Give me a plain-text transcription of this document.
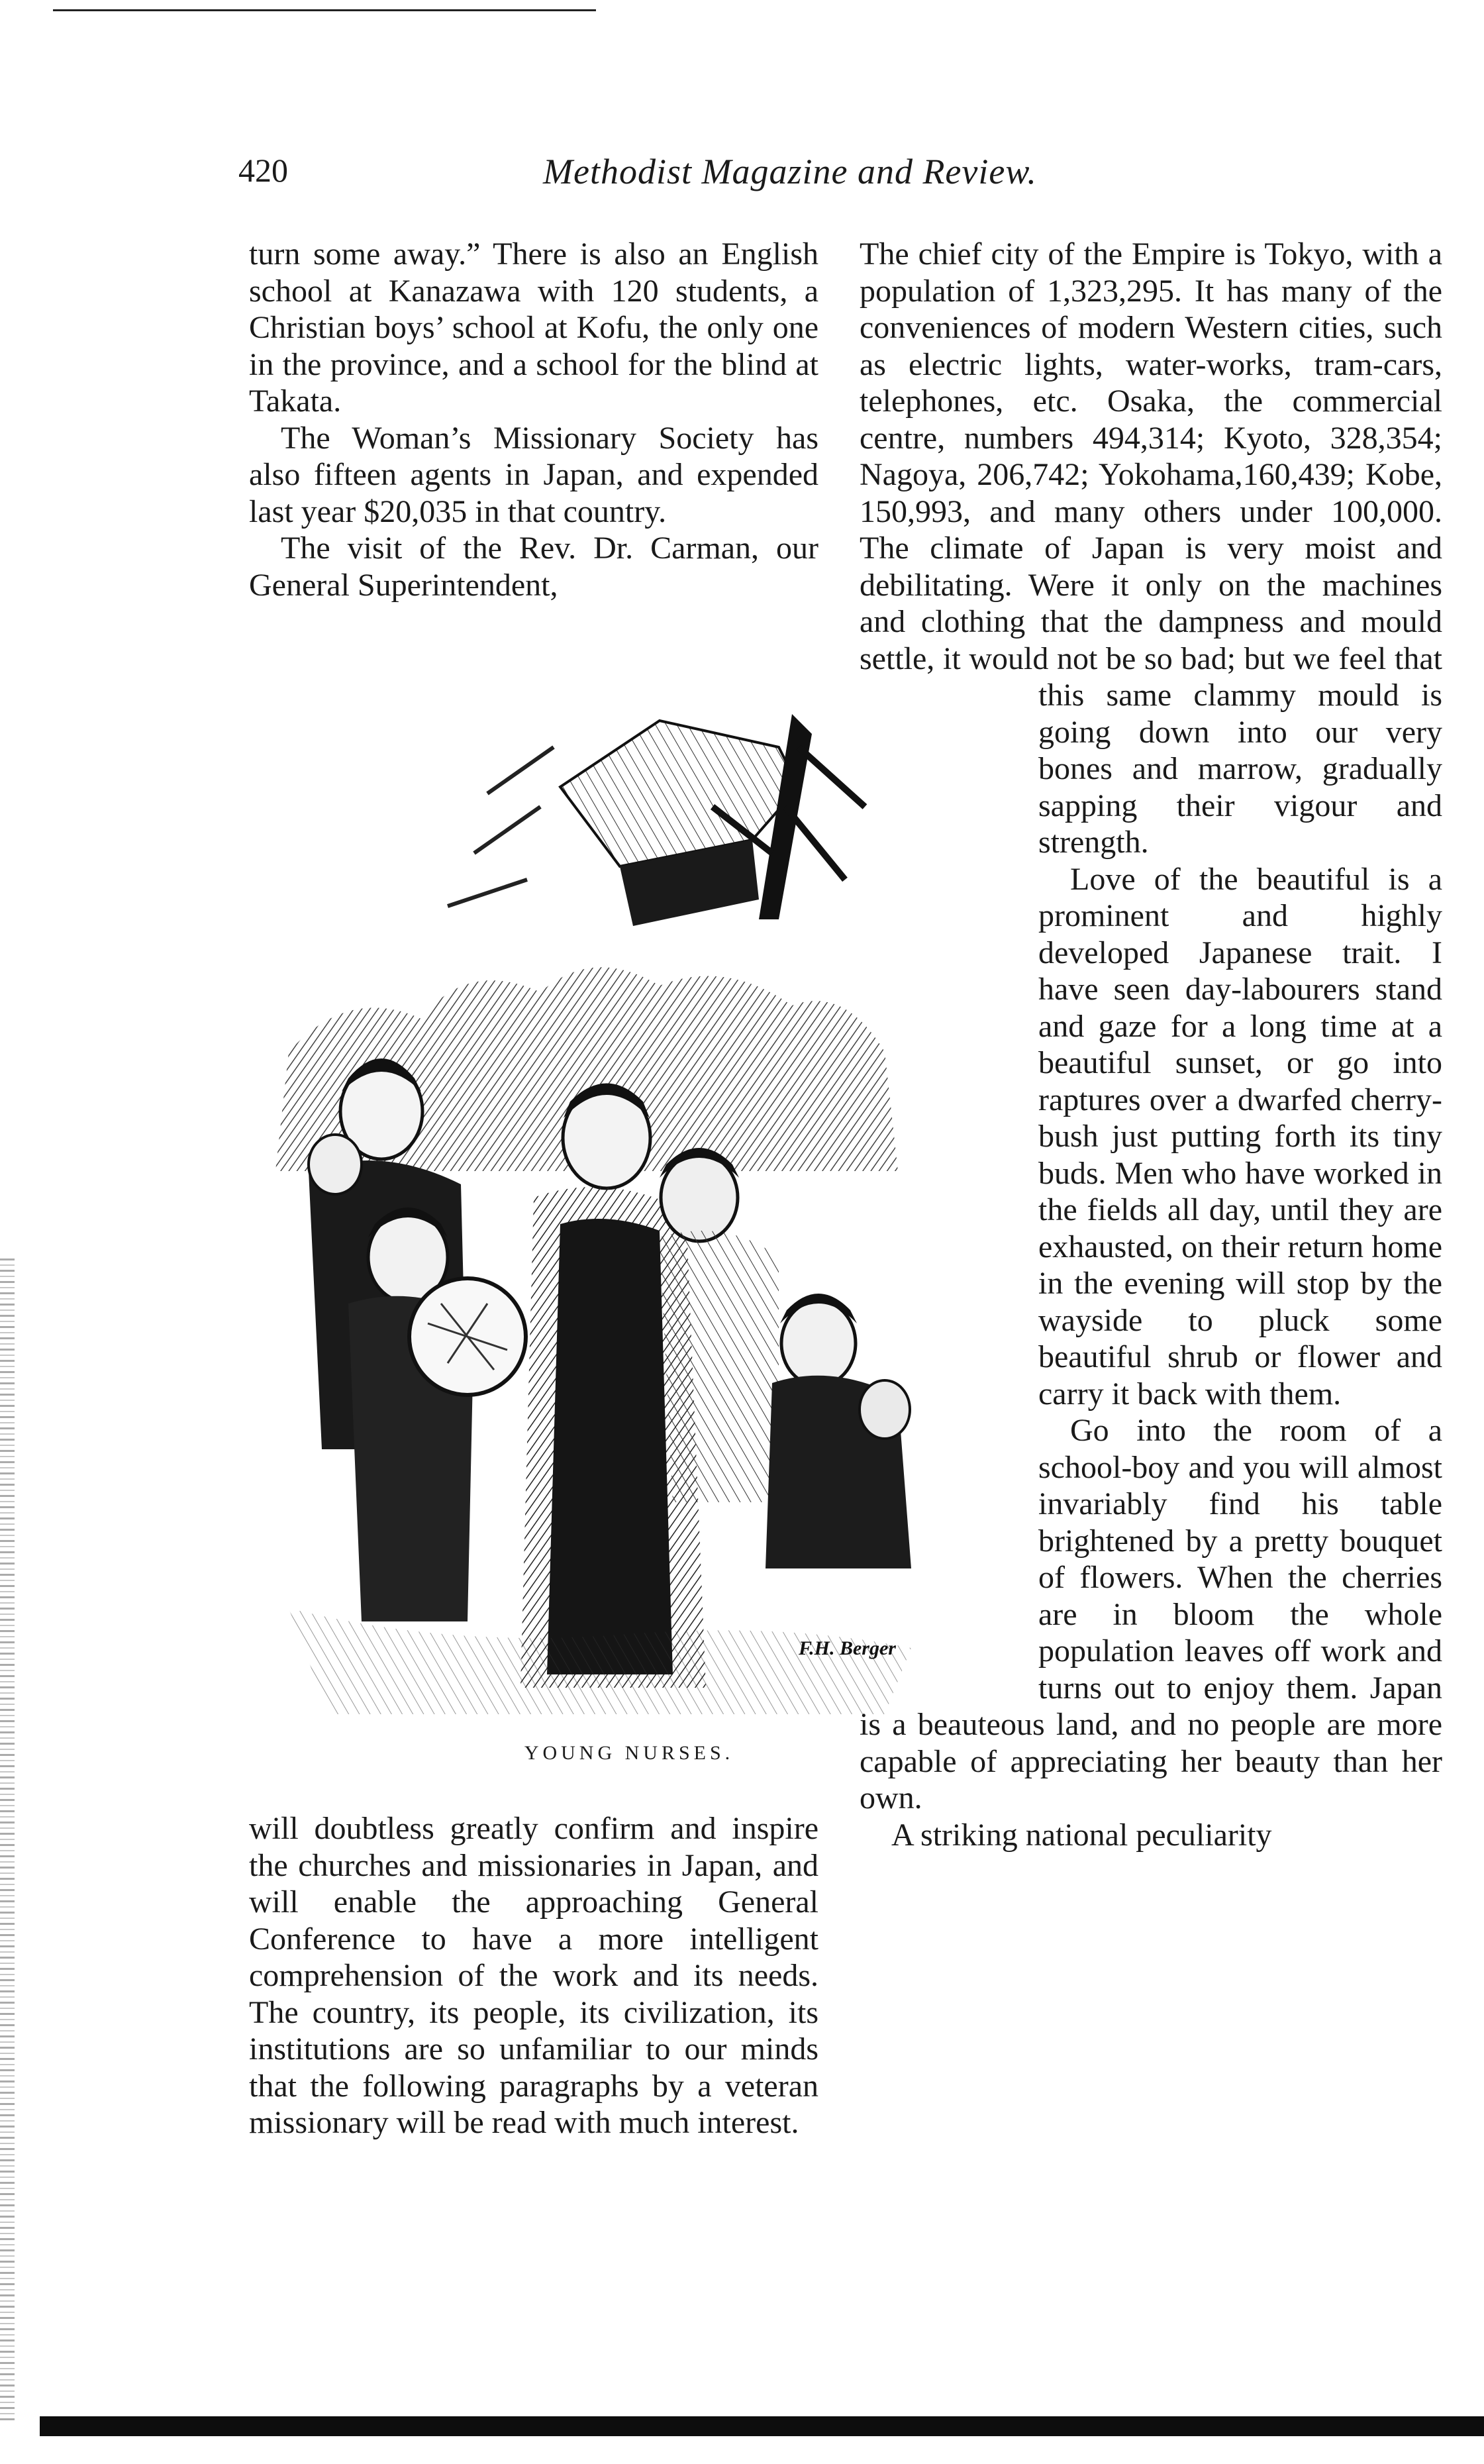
420	Methodist Magazine and Review.

turn some away.” There is also an English school at Kanazawa with 120 students, a Christian boys’ school at Kofu, the only one in the province, and a school for the blind at Takata.

The Woman’s Missionary Society has also fifteen agents in Japan, and expended last year $20,035 in that country.

The visit of the Rev. Dr. Carman, our General Superintendent,

F.H. Berger
YOUNG NURSES.

will doubtless greatly confirm and inspire the churches and missionaries in Japan, and will enable the approaching General Conference to have a more intelligent comprehension of the work and its needs. The country, its people, its civilization, its institutions are so unfamiliar to our minds that the following paragraphs by a veteran missionary will be read with much interest.

The chief city of the Empire is Tokyo, with a population of 1,323,295. It has many of the conveniences of modern Western cities, such as electric lights, water-works, tram-cars, telephones, etc. Osaka, the commercial centre, numbers 494,314; Kyoto, 328,354; Nagoya, 206,742; Yokohama,160,439; Kobe, 150,993, and many others under 100,000. The climate of Japan is very moist and debilitating. Were it only on the machines and clothing that the dampness and mould settle, it would not be so bad; but we feel that this same clammy mould is going down into our very bones and marrow, gradually sapping their vigour and strength.

Love of the beautiful is a prominent and highly developed Japanese trait. I have seen day-labourers stand and gaze for a long time at a beautiful sunset, or go into raptures over a dwarfed cherry-bush just putting forth its tiny buds. Men who have worked in the fields all day, until they are exhausted, on their return home in the evening will stop by the wayside to pluck some beautiful shrub or flower and carry it back with them.

Go into the room of a school-boy and you will almost invariably find his table brightened by a pretty bouquet of flowers. When the cherries are in bloom the whole population leaves off work and turns out to enjoy them. Japan is a beauteous land, and no people are more capable of appreciating her beauty than her own.

A striking national peculiarity
